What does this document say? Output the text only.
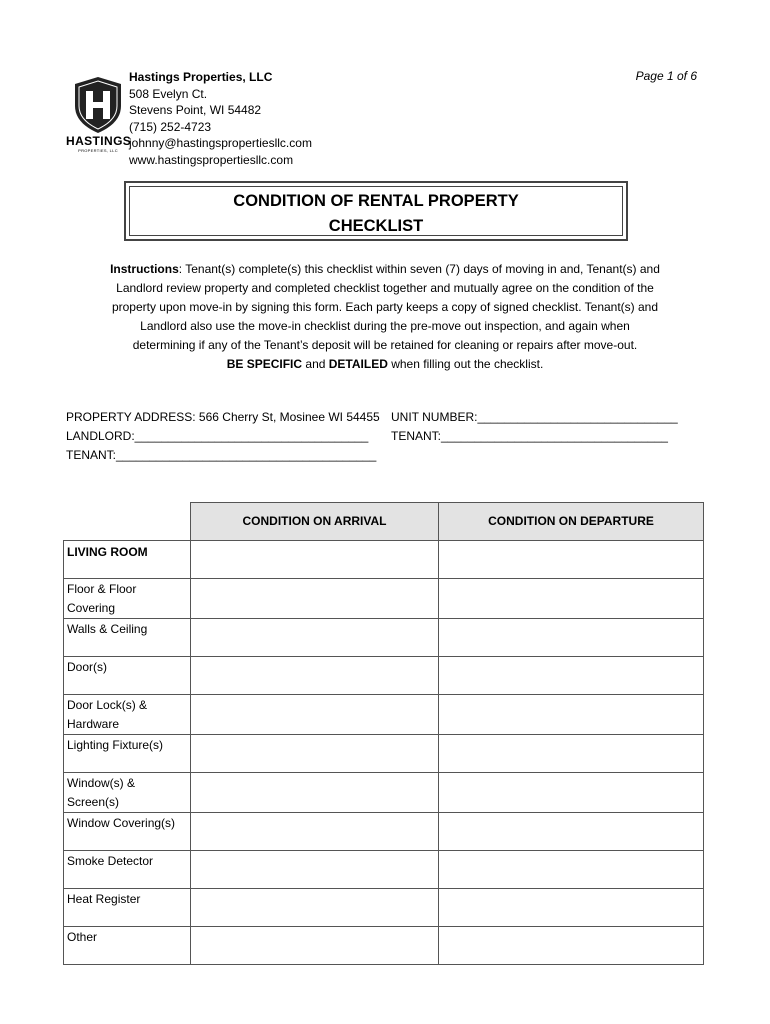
HASTINGS
PROPERTIES, LLC
Hastings Properties, LLC
508 Evelyn Ct.
Stevens Point, WI 54482
(715) 252-4723
johnny@hastingspropertiesllc.com
www.hastingspropertiesllc.com
Page 1 of 6
CONDITION OF RENTAL PROPERTY
CHECKLIST
Instructions: Tenant(s) complete(s) this checklist within seven (7) days of moving in and, Tenant(s) and Landlord review property and completed checklist together and mutually agree on the condition of the property upon move-in by signing this form. Each party keeps a copy of signed checklist. Tenant(s) and Landlord also use the move-in checklist during the pre-move out inspection, and again when determining if any of the Tenant’s deposit will be retained for cleaning or repairs after move-out.
BE SPECIFIC and DETAILED when filling out the checklist.
PROPERTY ADDRESS: 566 Cherry St, Mosinee WI 54455 UNIT NUMBER:______________________________
LANDLORD:___________________________________ TENANT:__________________________________
TENANT:_______________________________________
	CONDITION ON ARRIVAL	CONDITION ON DEPARTURE
LIVING ROOM		
Floor & Floor Covering		
Walls & Ceiling		
Door(s)		
Door Lock(s) & Hardware		
Lighting Fixture(s)		
Window(s) & Screen(s)		
Window Covering(s)		
Smoke Detector		
Heat Register		
Other		
